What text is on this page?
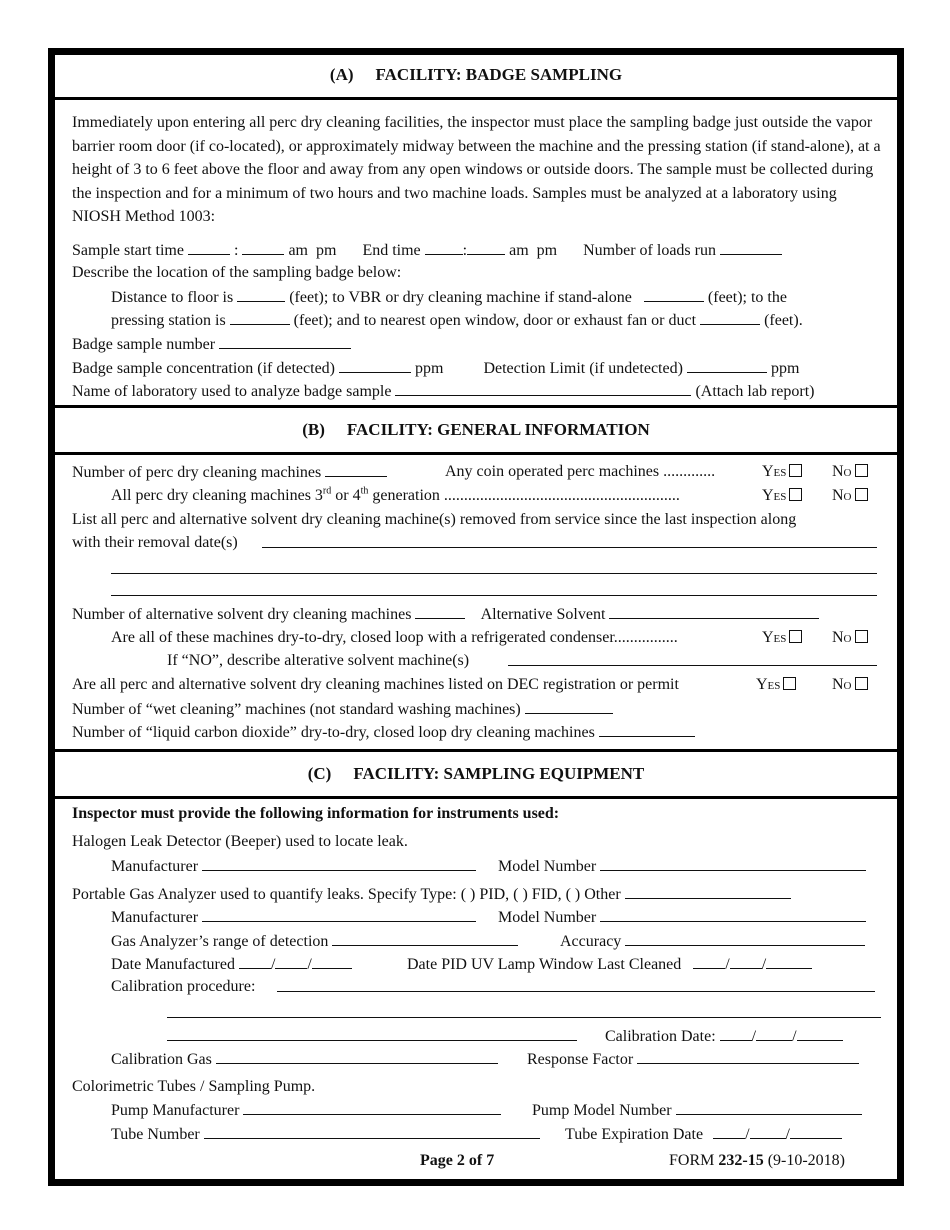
(A) FACILITY: BADGE SAMPLING
Immediately upon entering all perc dry cleaning facilities, the inspector must place the sampling badge just outside the vapor barrier room door (if co-located), or approximately midway between the machine and the pressing station (if stand-alone), at a height of 3 to 6 feet above the floor and away from any open windows or outside doors. The sample must be collected during the inspection and for a minimum of two hours and two machine loads. Samples must be analyzed at a laboratory using NIOSH Method 1003:
Sample start time	:	am pm End time	:	am pm Number of loads run
Describe the location of the sampling badge below:
Distance to floor is	(feet); to VBR or dry cleaning machine if stand-alone	(feet); to the
pressing station is	(feet); and to nearest open window, door or exhaust fan or duct	(feet).
Badge sample number
Badge sample concentration (if detected)	ppm	Detection Limit (if undetected)	ppm
Name of laboratory used to analyze badge sample	(Attach lab report)
(B) FACILITY: GENERAL INFORMATION
Number of perc dry cleaning machines	Any coin operated perc machines .............	Yes	No
All perc dry cleaning machines 3rd or 4th generation ...........................................................	Yes	No
List all perc and alternative solvent dry cleaning machine(s) removed from service since the last inspection along
with their removal date(s)
Number of alternative solvent dry cleaning machines	Alternative Solvent
Are all of these machines dry-to-dry, closed loop with a refrigerated condenser................	Yes	No
If “NO”, describe alterative solvent machine(s)
Are all perc and alternative solvent dry cleaning machines listed on DEC registration or permit	Yes	No
Number of “wet cleaning” machines (not standard washing machines)
Number of “liquid carbon dioxide” dry-to-dry, closed loop dry cleaning machines
(C) FACILITY: SAMPLING EQUIPMENT
Inspector must provide the following information for instruments used:
Halogen Leak Detector (Beeper) used to locate leak.
Manufacturer	Model Number
Portable Gas Analyzer used to quantify leaks. Specify Type: ( ) PID, ( ) FID, ( ) Other
Manufacturer	Model Number
Gas Analyzer’s range of detection	Accuracy
Date Manufactured / /	Date PID UV Lamp Window Last Cleaned	/ /
Calibration procedure:
Calibration Date: / /
Calibration Gas	Response Factor
Colorimetric Tubes / Sampling Pump.
Pump Manufacturer	Pump Model Number
Tube Number	Tube Expiration Date	/ /
Page 2 of 7	FORM 232-15 (9-10-2018)
